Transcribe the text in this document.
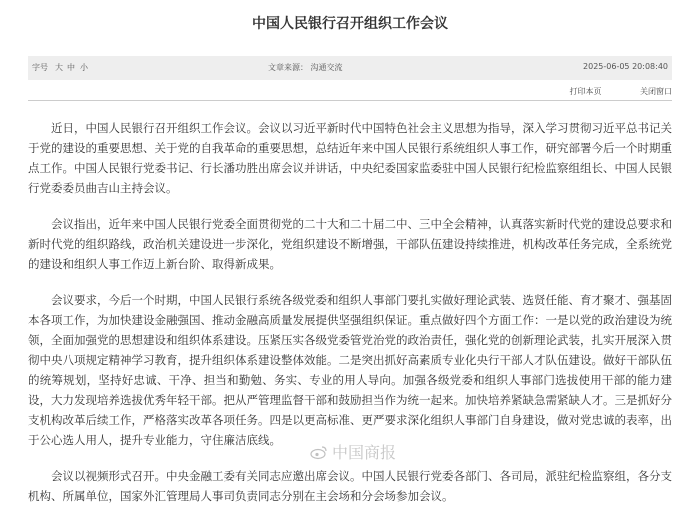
中国人民银行召开组织工作会议
字号 大 中 小	文章来源： 沟通交流	2025-06-05 20:08:40
打印本页	关闭窗口

近日，中国人民银行召开组织工作会议。会议以习近平新时代中国特色社会主义思想为指导，深入学习贯彻习近平总书记关于党的建设的重要思想、关于党的自我革命的重要思想，总结近年来中国人民银行系统组织人事工作，研究部署今后一个时期重点工作。中国人民银行党委书记、行长潘功胜出席会议并讲话，中央纪委国家监委驻中国人民银行纪检监察组组长、中国人民银行党委委员曲吉山主持会议。

会议指出，近年来中国人民银行党委全面贯彻党的二十大和二十届二中、三中全会精神，认真落实新时代党的建设总要求和新时代党的组织路线，政治机关建设进一步深化，党组织建设不断增强，干部队伍建设持续推进，机构改革任务完成，全系统党的建设和组织人事工作迈上新台阶、取得新成果。

会议要求，今后一个时期，中国人民银行系统各级党委和组织人事部门要扎实做好理论武装、选贤任能、育才聚才、强基固本各项工作，为加快建设金融强国、推动金融高质量发展提供坚强组织保证。重点做好四个方面工作：一是以党的政治建设为统领，全面加强党的思想建设和组织体系建设。压紧压实各级党委管党治党的政治责任，强化党的创新理论武装，扎实开展深入贯彻中央八项规定精神学习教育，提升组织体系建设整体效能。二是突出抓好高素质专业化央行干部人才队伍建设。做好干部队伍的统筹规划，坚持好忠诚、干净、担当和勤勉、务实、专业的用人导向。加强各级党委和组织人事部门选拔使用干部的能力建设，大力发现培养选拔优秀年轻干部。把从严管理监督干部和鼓励担当作为统一起来。加快培养紧缺急需紧缺人才。三是抓好分支机构改革后续工作，严格落实改革各项任务。四是以更高标准、更严要求深化组织人事部门自身建设，做对党忠诚的表率，出于公心选人用人，提升专业能力，守住廉洁底线。

会议以视频形式召开。中央金融工委有关同志应邀出席会议。中国人民银行党委各部门、各司局，派驻纪检监察组，各分支机构、所属单位，国家外汇管理局人事司负责同志分别在主会场和分会场参加会议。

中国商报
